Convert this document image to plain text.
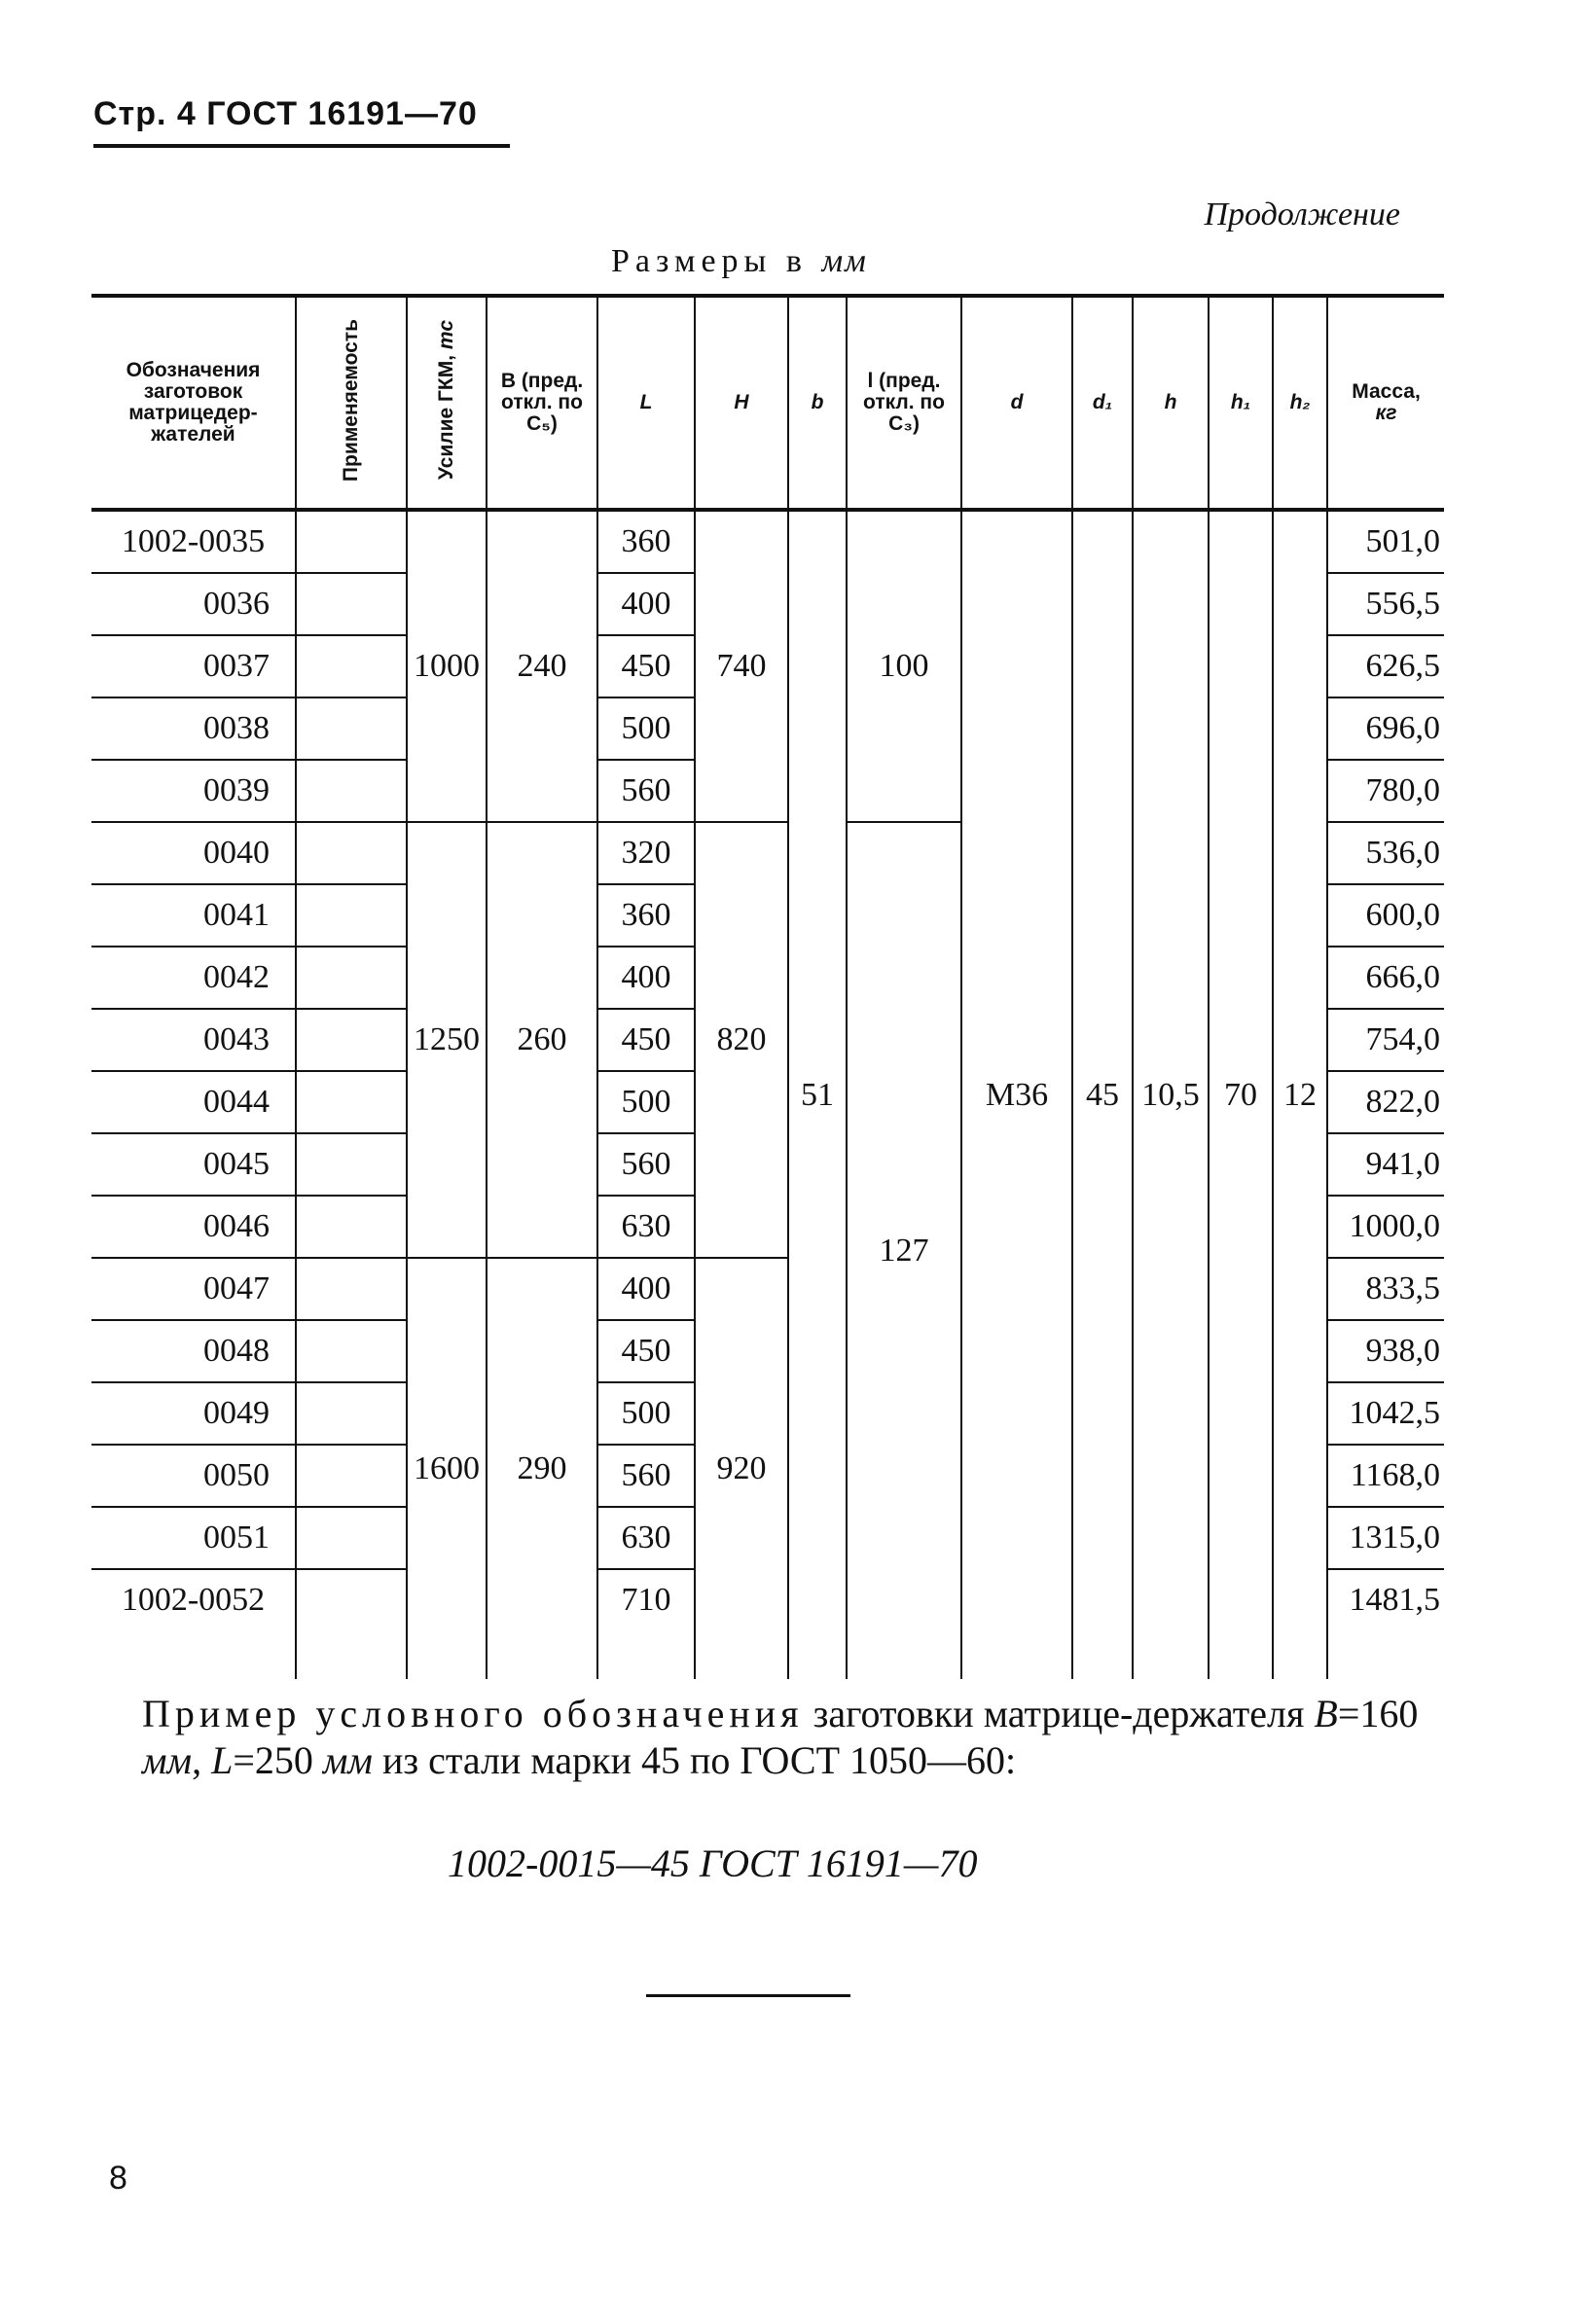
Стр. 4 ГОСТ 16191—70
Продолжение
Размеры в мм
Обозначения заготовок матрицедер-жателей	Применяемость	Усилие ГКМ, тс	B (пред. откл. по C₅)	L	H	b	l (пред. откл. по C₃)	d	d₁	h	h₁	h₂	Масса,
кг
1002-0035		1000	240	360	740	51	100	M36	45	10,5	70	12	501,0
0036				400									556,5
0037				450									626,5
0038				500									696,0
0039				560									780,0
0040		1250	260	320	820		127						536,0
0041				360									600,0
0042				400									666,0
0043				450									754,0
0044				500									822,0
0045				560									941,0
0046				630									1000,0
0047		1600	290	400	920								833,5
0048				450									938,0
0049				500									1042,5
0050				560									1168,0
0051				630									1315,0
1002-0052				710									1481,5
Пример условного обозначения заготовки матрице-держателя B=160 мм, L=250 мм из стали марки 45 по ГОСТ 1050—60:
1002-0015—45 ГОСТ 16191—70
8
